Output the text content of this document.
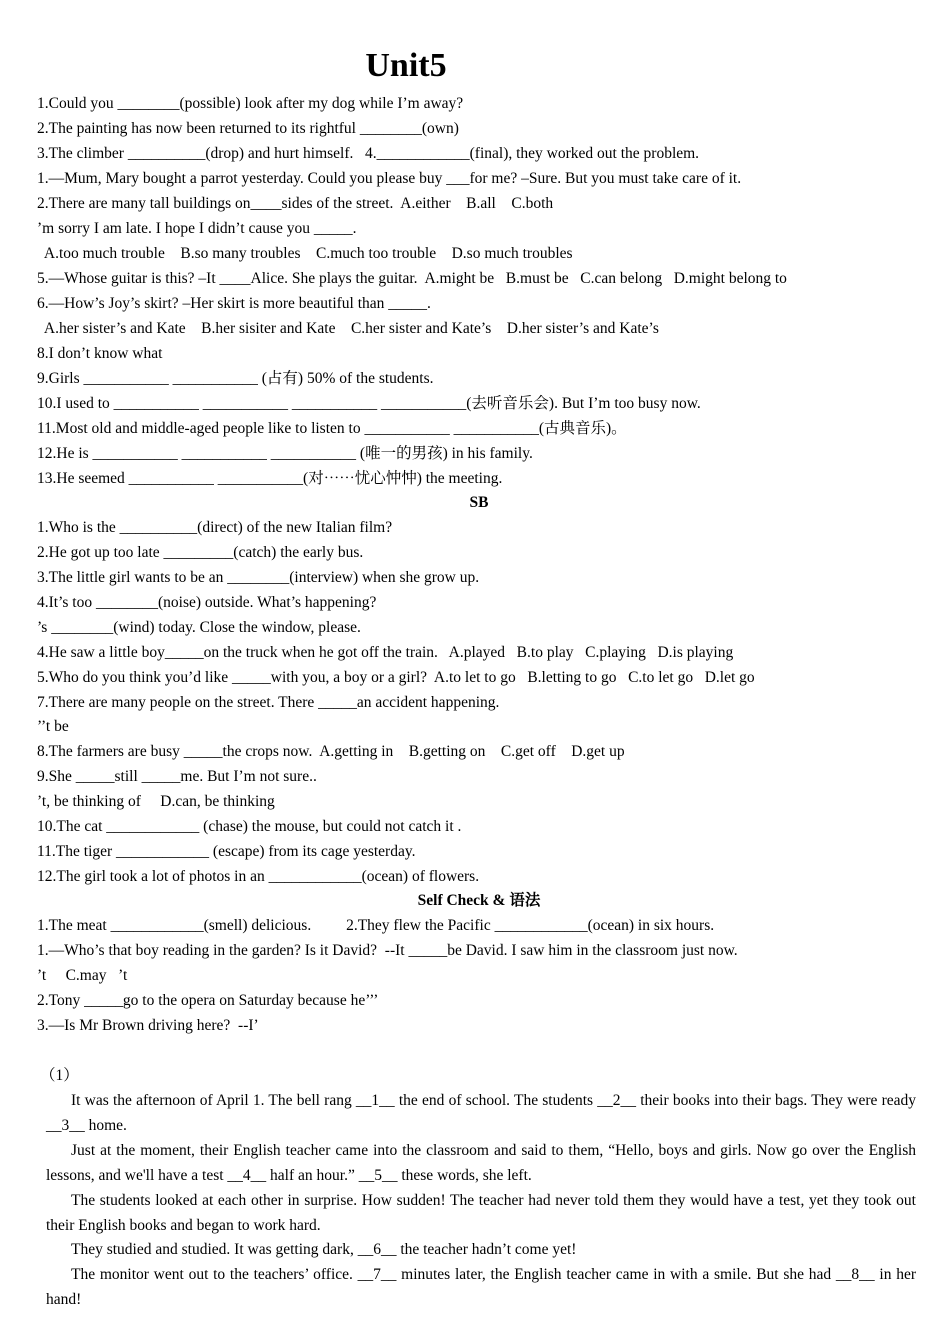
Unit5
1.Could you ________(possible) look after my dog while I’m away?
2.The painting has now been returned to its rightful ________(own)
3.The climber __________(drop) and hurt himself.   4.____________(final), they worked out the problem.
1.—Mum, Mary bought a parrot yesterday. Could you please buy ___for me? –Sure. But you must take care of it.
2.There are many tall buildings on____sides of the street.  A.either    B.all    C.both
’m sorry I am late. I hope I didn’t cause you _____.
A.too much trouble    B.so many troubles    C.much too trouble    D.so much troubles
5.—Whose guitar is this? –It ____Alice. She plays the guitar.  A.might be   B.must be   C.can belong   D.might belong to
6.—How’s Joy’s skirt? –Her skirt is more beautiful than _____.
A.her sister’s and Kate    B.her sisiter and Kate    C.her sister and Kate’s    D.her sister’s and Kate’s
8.I don’t know what
9.Girls ___________ ___________ (占有) 50% of the students.
10.I used to ___________ ___________ ___________ ___________(去听音乐会). But I’m too busy now.
11.Most old and middle-aged people like to listen to ___________ ___________(古典音乐)。
12.He is ___________ ___________ ___________ (唯一的男孩) in his family.
13.He seemed ___________ ___________(对⋯⋯忧心忡忡) the meeting.
SB
1.Who is the __________(direct) of the new Italian film?
2.He got up too late _________(catch) the early bus.
3.The little girl wants to be an ________(interview) when she grow up.
4.It’s too ________(noise) outside. What’s happening?
’s ________(wind) today. Close the window, please.
4.He saw a little boy_____on the truck when he got off the train.   A.played   B.to play   C.playing   D.is playing
5.Who do you think you’d like _____with you, a boy or a girl?  A.to let to go   B.letting to go   C.to let go   D.let go
7.There are many people on the street. There _____an accident happening.
’’t be
8.The farmers are busy _____the crops now.  A.getting in    B.getting on    C.get off    D.get up
9.She _____still _____me. But I’m not sure..
’t, be thinking of     D.can, be thinking
10.The cat ____________ (chase) the mouse, but could not catch it .
11.The tiger ____________ (escape) from its cage yesterday.
12.The girl took a lot of photos in an ____________(ocean) of flowers.
Self Check & 语法
1.The meat ____________(smell) delicious.         2.They flew the Pacific ____________(ocean) in six hours.
1.—Who’s that boy reading in the garden? Is it David?  --It _____be David. I saw him in the classroom just now.
’t     C.may   ’t
2.Tony _____go to the opera on Saturday because he’’’
3.—Is Mr Brown driving here?  --I’
（1）
It was the afternoon of April 1. The bell rang __1__ the end of school. The students __2__ their books into their bags. They were ready __3__ home.
Just at the moment, their English teacher came into the classroom and said to them, “Hello, boys and girls. Now go over the English lessons, and we'll have a test __4__ half an hour.” __5__ these words, she left.
The students looked at each other in surprise. How sudden! The teacher had never told them they would have a test, yet they took out their English books and began to work hard.
They studied and studied. It was getting dark, __6__ the teacher hadn’t come yet!
The monitor went out to the teachers’ office. __7__ minutes later, the English teacher came in with a smile. But she had __8__ in her hand!
